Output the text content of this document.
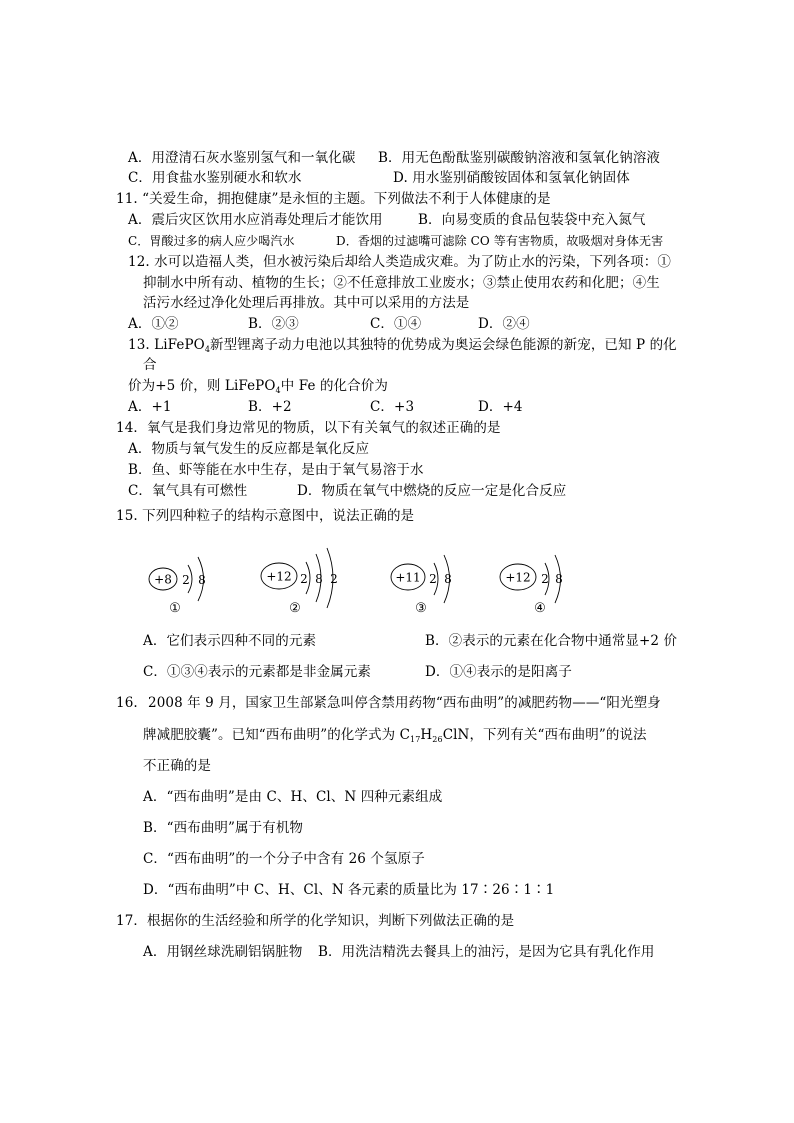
A．用澄清石灰水鉴别氢气和一氧化碳 B．用无色酚酞鉴别碳酸钠溶液和氢氧化钠溶液
C．用食盐水鉴别硬水和软水	D. 用水鉴别硝酸铵固体和氢氧化钠固体
11. “关爱生命，拥抱健康”是永恒的主题。下列做法不利于人体健康的是
A．震后灾区饮用水应消毒处理后才能饮用	B．向易变质的食品包装袋中充入氮气
C．胃酸过多的病人应少喝汽水	D．香烟的过滤嘴可滤除 CO 等有害物质，故吸烟对身体无害
12. 水可以造福人类，但水被污染后却给人类造成灾难。为了防止水的污染，下列各项：①
抑制水中所有动、植物的生长；②不任意排放工业废水；③禁止使用农药和化肥；④生
活污水经过净化处理后再排放。其中可以采用的方法是
A．①②	B．②③	C．①④	D．②④
13. LiFePO$_4$新型锂离子动力电池以其独特的优势成为奥运会绿色能源的新宠，已知 P 的化
合
价为+5 价，则 LiFePO$_4$中 Fe 的化合价为
A．+1	B．+2	C．+3	D．+4
14．氧气是我们身边常见的物质，以下有关氧气的叙述正确的是
A．物质与氧气发生的反应都是氧化反应
B．鱼、虾等能在水中生存，是由于氧气易溶于水
C．氧气具有可燃性	D．物质在氧气中燃烧的反应一定是化合反应
15. 下列四种粒子的结构示意图中，说法正确的是
+8 2 8
①
+12 2 8 2
②
+11 2 8
③
+12 2 8
④
A．它们表示四种不同的元素	B．②表示的元素在化合物中通常显+2 价
C．①③④表示的元素都是非金属元素	D．①④表示的是阳离子
16. 2008 年 9 月，国家卫生部紧急叫停含禁用药物“西布曲明”的减肥药物——“阳光塑身
牌减肥胶囊”。已知“西布曲明”的化学式为 $C_{17}H_{26}ClN$，下列有关“西布曲明”的说法
不正确的是
A．“西布曲明”是由 C、H、Cl、N 四种元素组成
B．“西布曲明”属于有机物
C．“西布曲明”的一个分子中含有 26 个氢原子
D．“西布曲明”中 C、H、Cl、N 各元素的质量比为 17∶26∶1∶1
17．根据你的生活经验和所学的化学知识，判断下列做法正确的是
A．用钢丝球洗刷铝锅脏物 B．用洗洁精洗去餐具上的油污，是因为它具有乳化作用
